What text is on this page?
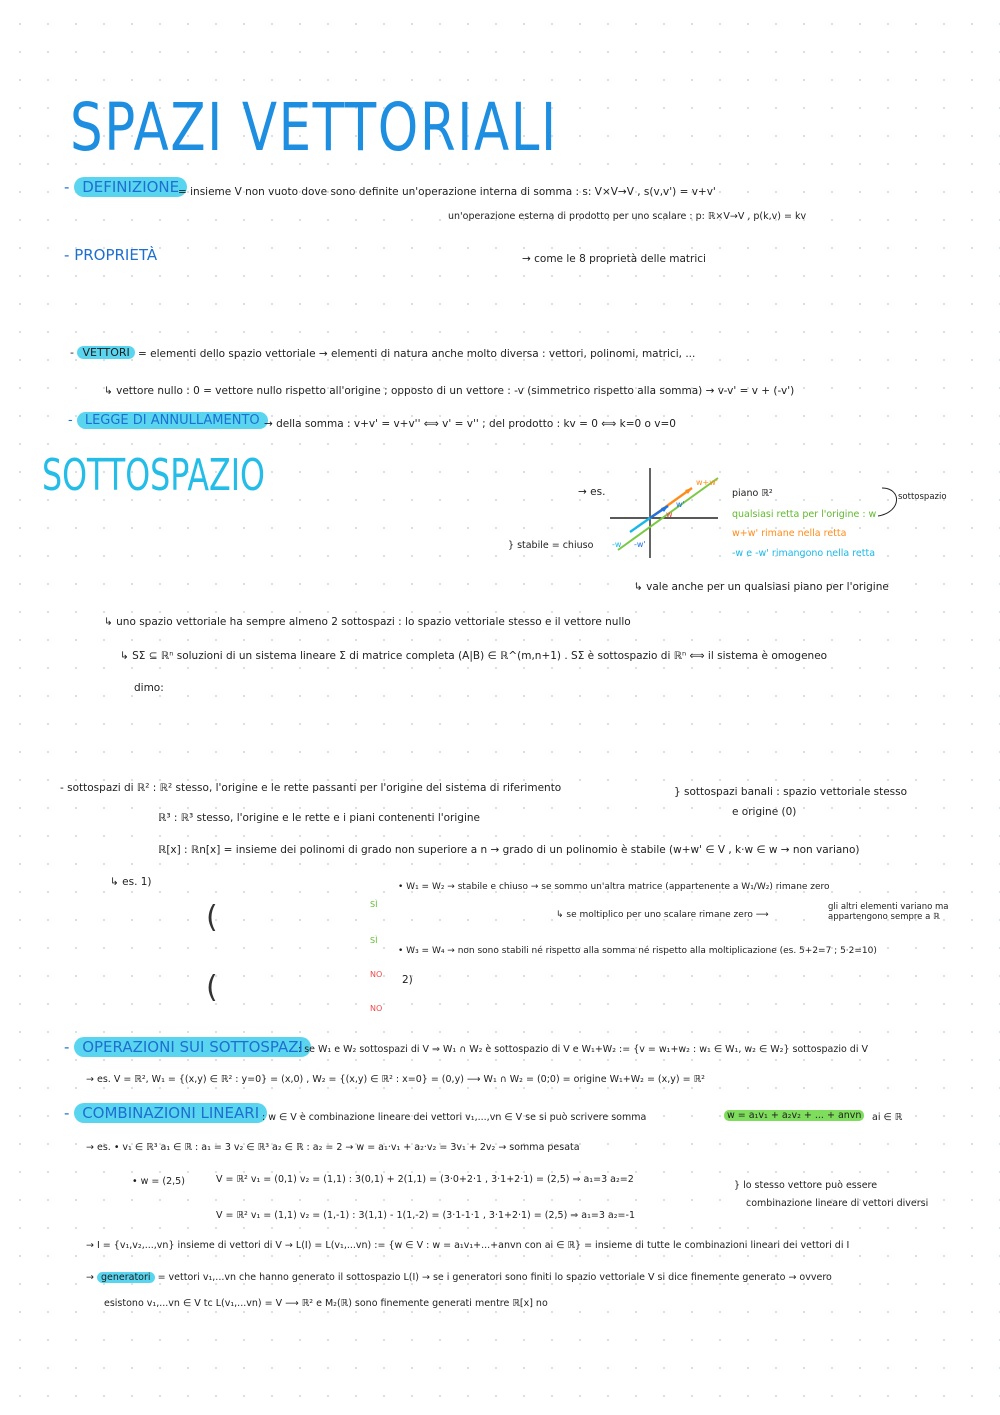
SPAZI VETTORIALI
- DEFINIZIONE
= insieme V non vuoto dove sono definite un'operazione interna di somma : s: V×V→V , s(v,v') = v+v'
un'operazione esterna di prodotto per uno scalare : p: ℝ×V→V , p(k,v) = kv
- PROPRIETÀ	→ come le 8 proprietà delle matrici
- VETTORI = elementi dello spazio vettoriale → elementi di natura anche molto diversa : vettori, polinomi, matrici, ...
↳ vettore nullo : 0 = vettore nullo rispetto all'origine ; opposto di un vettore : -v (simmetrico rispetto alla somma) → v-v' = v + (-v')
- LEGGE DI ANNULLAMENTO → della somma : v+v' = v+v'' ⟺ v' = v'' ; del prodotto : kv = 0 ⟺ k=0 o v=0
SOTTOSPAZIO	→ es.
} stabile = chiuso
w+w'
w'
w
-w -w'
piano ℝ²
qualsiasi retta per l'origine : w
w+w' rimane nella retta
-w e -w' rimangono nella retta
sottospazio
↳ vale anche per un qualsiasi piano per l'origine
↳ uno spazio vettoriale ha sempre almeno 2 sottospazi : lo spazio vettoriale stesso e il vettore nullo
↳ SΣ ⊆ ℝⁿ soluzioni di un sistema lineare Σ di matrice completa (A|B) ∈ ℝ^(m,n+1) . SΣ è sottospazio di ℝⁿ ⟺ il sistema è omogeneo
dimo:
- sottospazi di ℝ² : ℝ² stesso, l'origine e le rette passanti per l'origine del sistema di riferimento
ℝ³ : ℝ³ stesso, l'origine e le rette e i piani contenenti l'origine
ℝ[x] : ℝn[x] = insieme dei polinomi di grado non superiore a n → grado di un polinomio è stabile (w+w' ∈ V , k·w ∈ w → non variano)
} sottospazi banali : spazio vettoriale stesso
e origine (0)
↳ es. 1)
(
(
SÌ
SÌ
NO
NO
• W₁ = W₂ → stabile e chiuso → se sommo un'altra matrice (appartenente a W₁/W₂) rimane zero
↳ se moltiplico per uno scalare rimane zero ⟶
gli altri elementi variano ma appartengono sempre a ℝ
• W₃ = W₄ → non sono stabili né rispetto alla somma né rispetto alla moltiplicazione (es. 5+2=7 ; 5·2=10)
2)
- OPERAZIONI SUI SOTTOSPAZI
: se W₁ e W₂ sottospazi di V ⇒ W₁ ∩ W₂ è sottospazio di V e W₁+W₂ := {v = w₁+w₂ : w₁ ∈ W₁, w₂ ∈ W₂} sottospazio di V
→ es. V = ℝ², W₁ = {(x,y) ∈ ℝ² : y=0} = (x,0) , W₂ = {(x,y) ∈ ℝ² : x=0} = (0,y) ⟶ W₁ ∩ W₂ = (0;0) = origine W₁+W₂ = (x,y) = ℝ²
- COMBINAZIONI LINEARI : w ∈ V è combinazione lineare dei vettori v₁,...,vn ∈ V se si può scrivere somma	w = a₁v₁ + a₂v₂ + ... + anvn	ai ∈ ℝ
→ es. • v₁ ∈ ℝ³ a₁ ∈ ℝ : a₁ = 3 v₂ ∈ ℝ³ a₂ ∈ ℝ : a₂ = 2 → w = a₁·v₁ + a₂·v₂ = 3v₁ + 2v₂ → somma pesata
• w = (2,5)	V = ℝ² v₁ = (0,1) v₂ = (1,1) : 3(0,1) + 2(1,1) = (3·0+2·1 , 3·1+2·1) = (2,5) ⇒ a₁=3 a₂=2
V = ℝ² v₁ = (1,1) v₂ = (1,-1) : 3(1,1) - 1(1,-2) = (3·1-1·1 , 3·1+2·1) = (2,5) ⇒ a₁=3 a₂=-1
} lo stesso vettore può essere
combinazione lineare di vettori diversi
→ I = {v₁,v₂,...,vn} insieme di vettori di V → L(I) = L(v₁,...vn) := {w ∈ V : w = a₁v₁+...+anvn con ai ∈ ℝ} = insieme di tutte le combinazioni lineari dei vettori di I
→ generatori = vettori v₁,...vn che hanno generato il sottospazio L(I) → se i generatori sono finiti lo spazio vettoriale V si dice finemente generato → ovvero
esistono v₁,...vn ∈ V tc L(v₁,...vn) = V ⟶ ℝ² e M₂(ℝ) sono finemente generati mentre ℝ[x] no
